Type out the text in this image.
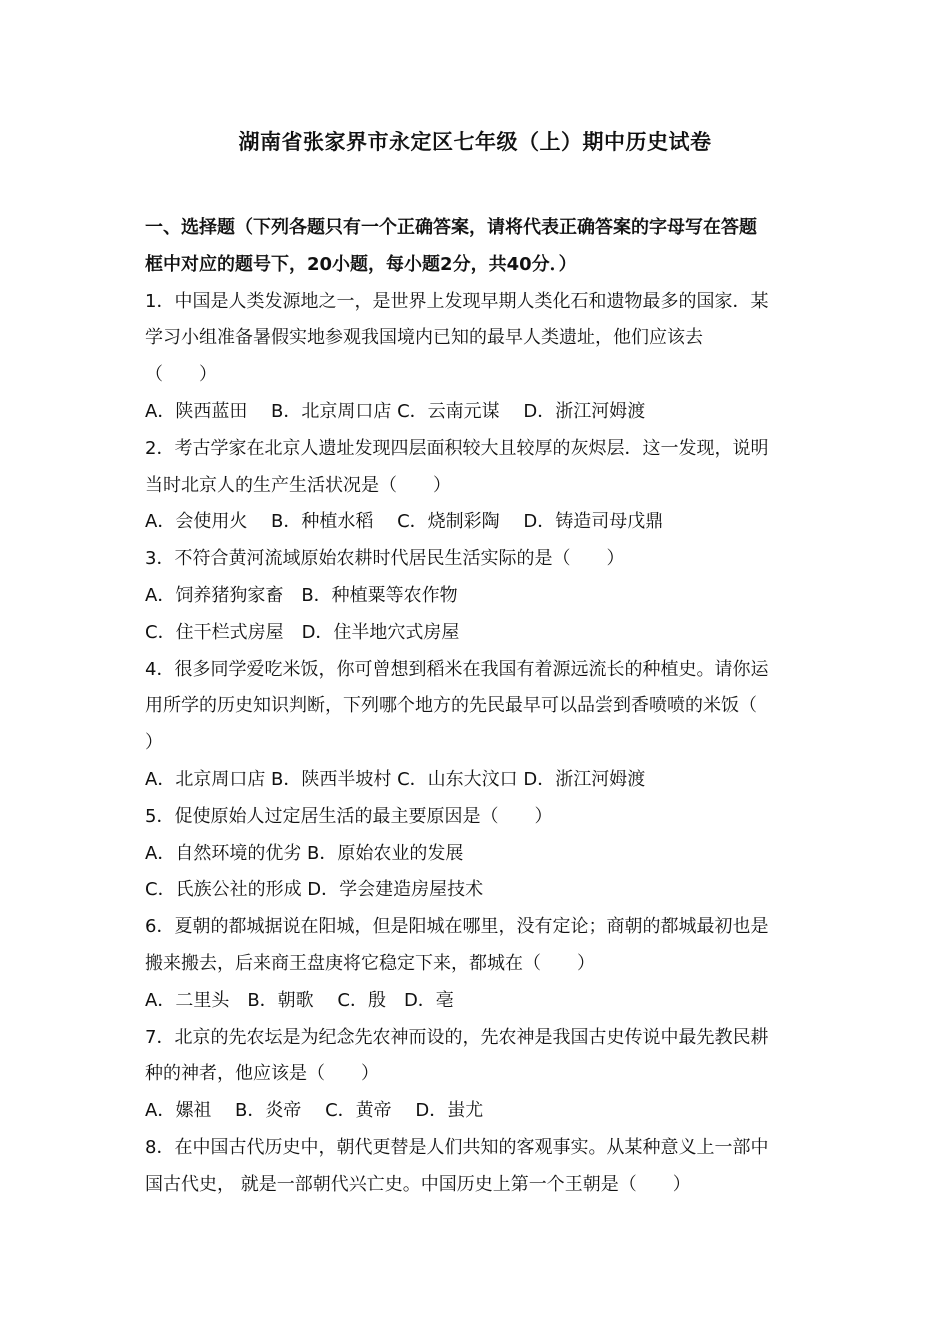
湖南省张家界市永定区七年级（上）期中历史试卷
一、选择题（下列各题只有一个正确答案，请将代表正确答案的字母写在答题
框中对应的题号下，20小题，每小题2分，共40分．）
1．中国是人类发源地之一，是世界上发现早期人类化石和遗物最多的国家．某
学习小组准备暑假实地参观我国境内已知的最早人类遗址，他们应该去
（　　）
A．陕西蓝田　 B．北京周口店 C．云南元谋　 D．浙江河姆渡
2．考古学家在北京人遗址发现四层面积较大且较厚的灰烬层．这一发现，说明
当时北京人的生产生活状况是（　　）
A．会使用火　 B．种植水稻　 C．烧制彩陶　 D．铸造司母戊鼎
3．不符合黄河流域原始农耕时代居民生活实际的是（　　）
A．饲养猪狗家畜　B．种植粟等农作物
C．住干栏式房屋　D．住半地穴式房屋
4．很多同学爱吃米饭，你可曾想到稻米在我国有着源远流长的种植史。请你运
用所学的历史知识判断，下列哪个地方的先民最早可以品尝到香喷喷的米饭（
）
A．北京周口店 B．陕西半坡村 C．山东大汶口 D．浙江河姆渡
5．促使原始人过定居生活的最主要原因是（　　）
A．自然环境的优劣 B．原始农业的发展
C．氏族公社的形成 D．学会建造房屋技术
6．夏朝的都城据说在阳城，但是阳城在哪里，没有定论；商朝的都城最初也是
搬来搬去，后来商王盘庚将它稳定下来，都城在（　　）
A．二里头　B．朝歌　 C．殷　D．亳
7．北京的先农坛是为纪念先农神而设的，先农神是我国古史传说中最先教民耕
种的神者，他应该是（　　）
A．嫘祖　 B．炎帝　 C．黄帝　 D．蚩尤
8．在中国古代历史中，朝代更替是人们共知的客观事实。从某种意义上一部中
国古代史， 就是一部朝代兴亡史。中国历史上第一个王朝是（　　）
